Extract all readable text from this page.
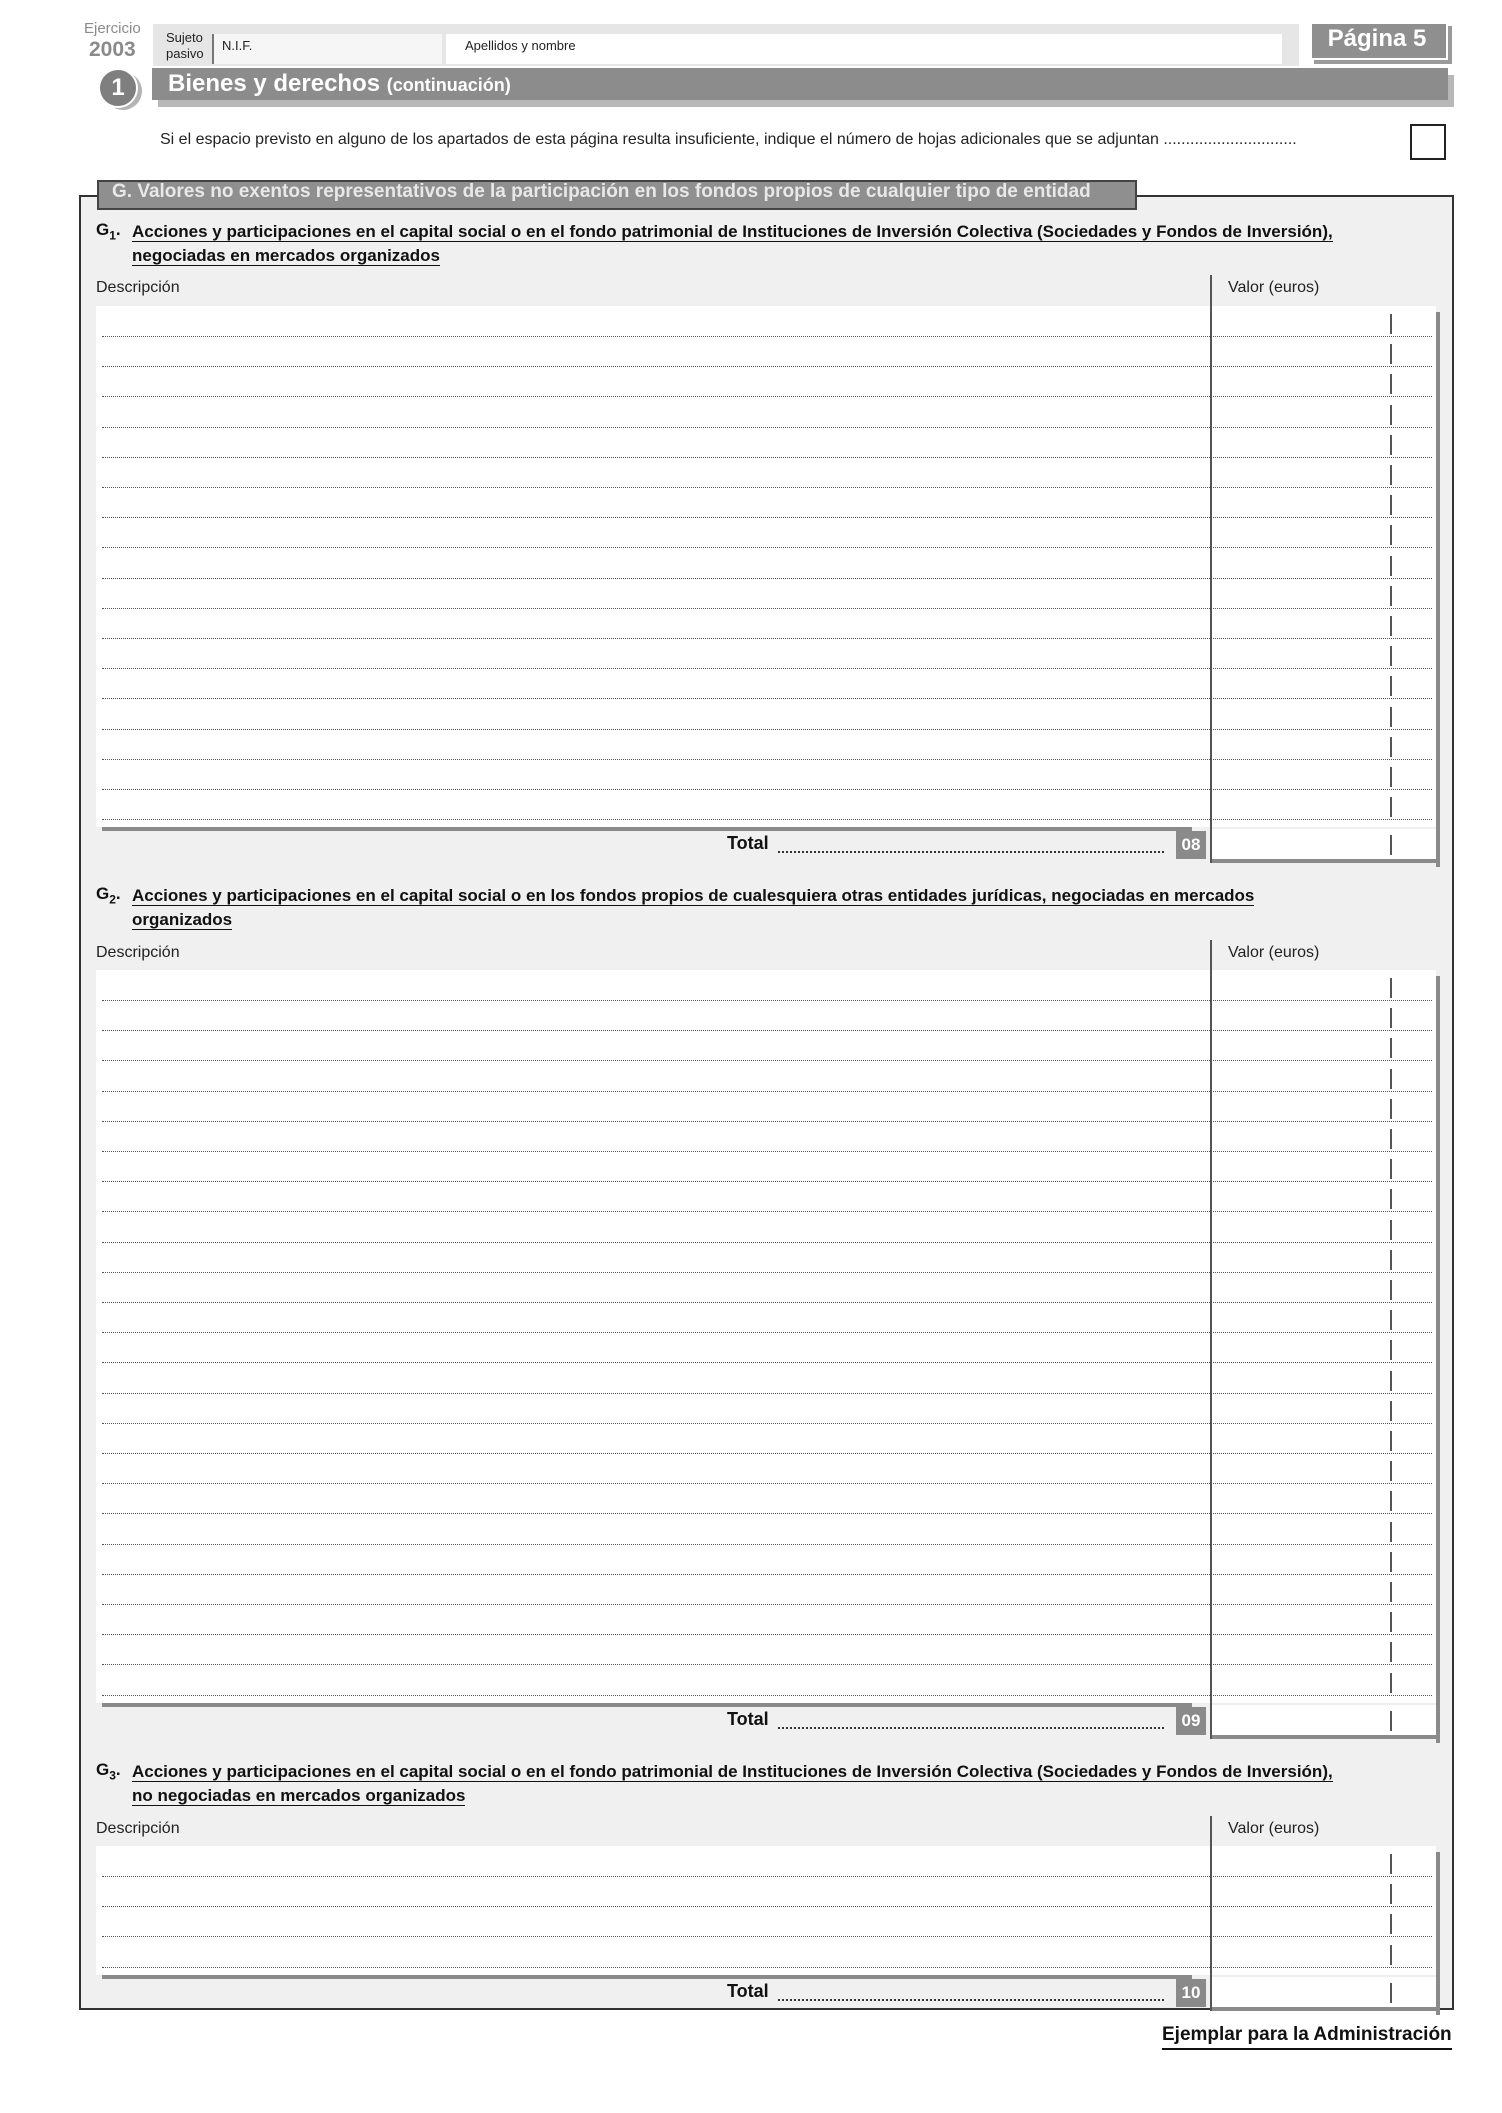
Ejercicio
2003
Sujeto
pasivo
N.I.F.	Apellidos y nombre	Página 5
1	Bienes y derechos (continuación)
Si el espacio previsto en alguno de los apartados de esta página resulta insuficiente, indique el número de hojas adicionales que se adjuntan ..............................
G. Valores no exentos representativos de la participación en los fondos propios de cualquier tipo de entidad
$G_1$. Acciones y participaciones en el capital social o en el fondo patrimonial de Instituciones de Inversión Colectiva (Sociedades y Fondos de Inversión),
negociadas en mercados organizados
Descripción	Valor (euros)
Total	08
$G_2$. Acciones y participaciones en el capital social o en los fondos propios de cualesquiera otras entidades jurídicas, negociadas en mercados
organizados
Descripción	Valor (euros)
Total	09
$G_3$. Acciones y participaciones en el capital social o en el fondo patrimonial de Instituciones de Inversión Colectiva (Sociedades y Fondos de Inversión),
no negociadas en mercados organizados
Descripción	Valor (euros)
Total	10
Ejemplar para la Administración
